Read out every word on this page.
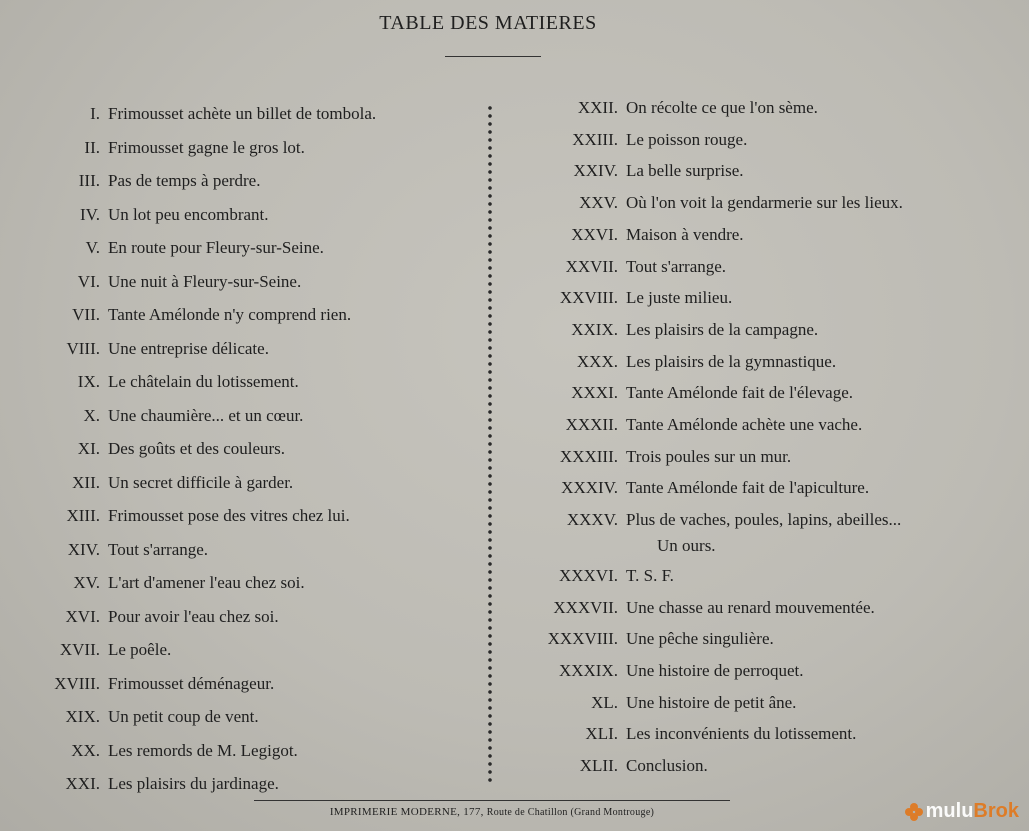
TABLE DES MATIERES
I. Frimousset achète un billet de tombola.
II. Frimousset gagne le gros lot.
III. Pas de temps à perdre.
IV. Un lot peu encombrant.
V. En route pour Fleury-sur-Seine.
VI. Une nuit à Fleury-sur-Seine.
VII. Tante Amélonde n'y comprend rien.
VIII. Une entreprise délicate.
IX. Le châtelain du lotissement.
X. Une chaumière... et un cœur.
XI. Des goûts et des couleurs.
XII. Un secret difficile à garder.
XIII. Frimousset pose des vitres chez lui.
XIV. Tout s'arrange.
XV. L'art d'amener l'eau chez soi.
XVI. Pour avoir l'eau chez soi.
XVII. Le poêle.
XVIII. Frimousset déménageur.
XIX. Un petit coup de vent.
XX. Les remords de M. Legigot.
XXI. Les plaisirs du jardinage.
XXII. On récolte ce que l'on sème.
XXIII. Le poisson rouge.
XXIV. La belle surprise.
XXV. Où l'on voit la gendarmerie sur les lieux.
XXVI. Maison à vendre.
XXVII. Tout s'arrange.
XXVIII. Le juste milieu.
XXIX. Les plaisirs de la campagne.
XXX. Les plaisirs de la gymnastique.
XXXI. Tante Amélonde fait de l'élevage.
XXXII. Tante Amélonde achète une vache.
XXXIII. Trois poules sur un mur.
XXXIV. Tante Amélonde fait de l'apiculture.
XXXV. Plus de vaches, poules, lapins, abeilles...
Un ours.
XXXVI. T. S. F.
XXXVII. Une chasse au renard mouvementée.
XXXVIII. Une pêche singulière.
XXXIX. Une histoire de perroquet.
XL. Une histoire de petit âne.
XLI. Les inconvénients du lotissement.
XLII. Conclusion.
IMPRIMERIE MODERNE, 177, Route de Chatillon (Grand Montrouge)	mulu Brok
